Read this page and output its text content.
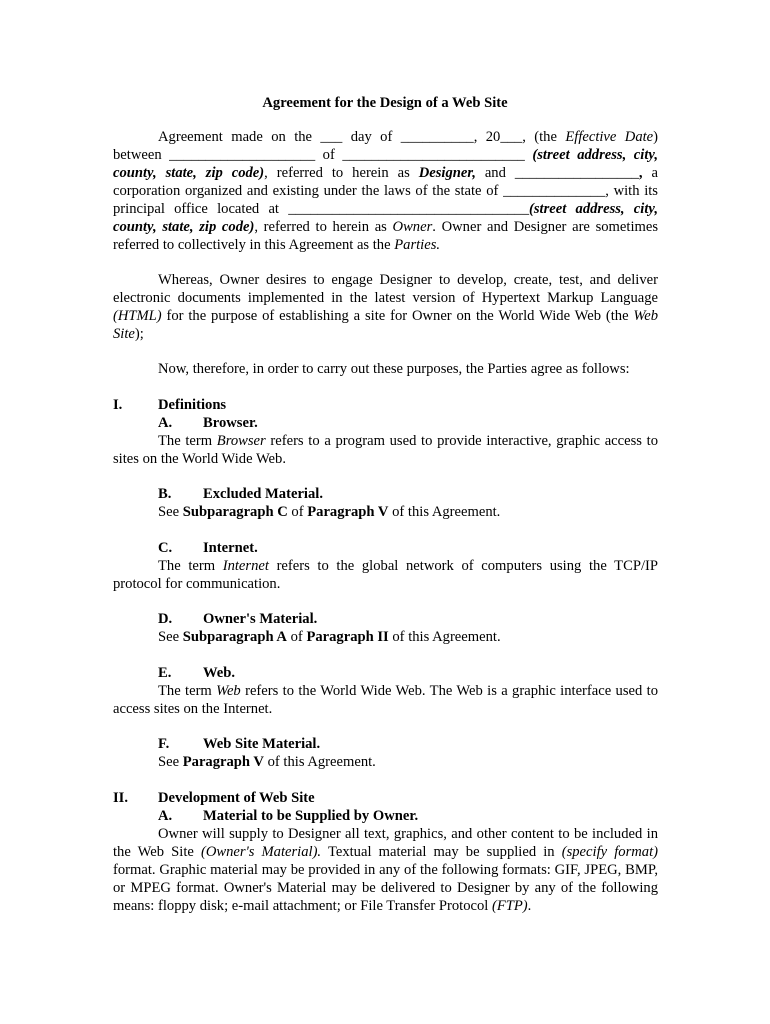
Agreement for the Design of a Web Site
Agreement made on the ___ day of __________, 20___, (the Effective Date) between ____________________ of _________________________ (street address, city, county, state, zip code), referred to herein as Designer, and _________________, a corporation organized and existing under the laws of the state of ______________, with its principal office located at _________________________________(street address, city, county, state, zip code), referred to herein as Owner. Owner and Designer are sometimes referred to collectively in this Agreement as the Parties.
Whereas, Owner desires to engage Designer to develop, create, test, and deliver electronic documents implemented in the latest version of Hypertext Markup Language (HTML) for the purpose of establishing a site for Owner on the World Wide Web (the Web Site);
Now, therefore, in order to carry out these purposes, the Parties agree as follows:
I. Definitions
A. Browser.
The term Browser refers to a program used to provide interactive, graphic access to sites on the World Wide Web.
B. Excluded Material.
See Subparagraph C of Paragraph V of this Agreement.
C. Internet.
The term Internet refers to the global network of computers using the TCP/IP protocol for communication.
D. Owner's Material.
See Subparagraph A of Paragraph II of this Agreement.
E. Web.
The term Web refers to the World Wide Web. The Web is a graphic interface used to access sites on the Internet.
F. Web Site Material.
See Paragraph V of this Agreement.
II. Development of Web Site
A. Material to be Supplied by Owner.
Owner will supply to Designer all text, graphics, and other content to be included in the Web Site (Owner's Material). Textual material may be supplied in (specify format) format. Graphic material may be provided in any of the following formats: GIF, JPEG, BMP, or MPEG format. Owner's Material may be delivered to Designer by any of the following means: floppy disk; e-mail attachment; or File Transfer Protocol (FTP).
